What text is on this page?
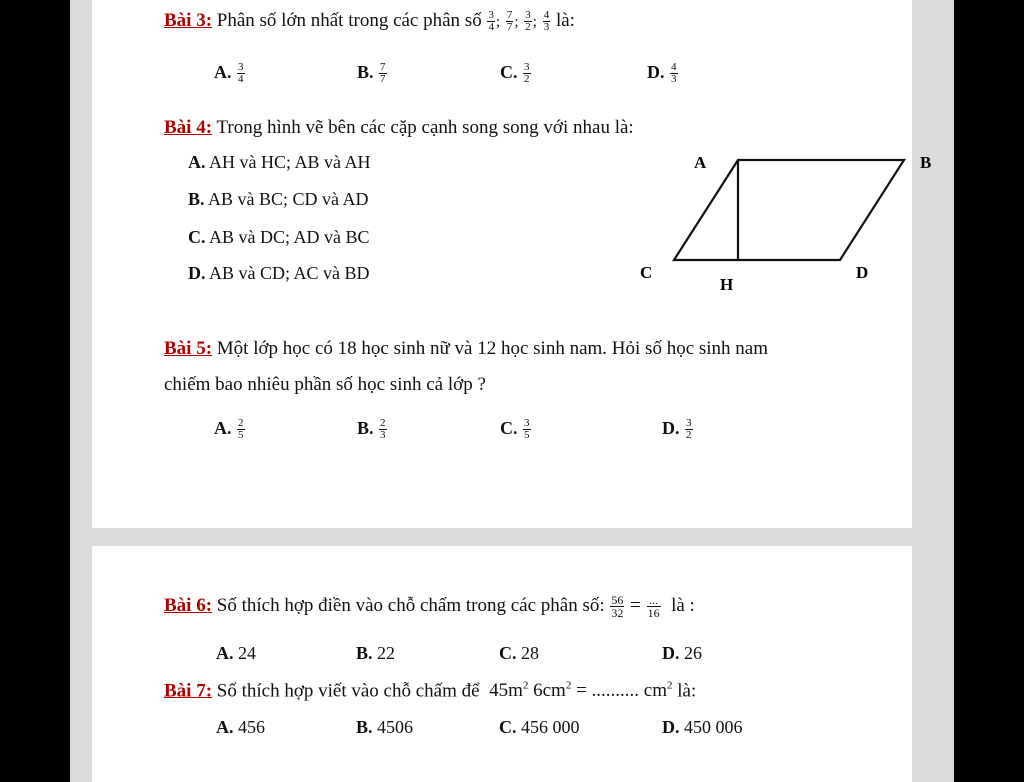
Bài 3: Phân số lớn nhất trong các phân số $\frac{3}{4}$ ; $\frac{7}{7}$ ; $\frac{3}{2}$ ; $\frac{4}{3}$ là:
A. $\frac{3}{4}$	B. $\frac{7}{7}$	C. $\frac{3}{2}$	D. $\frac{4}{3}$
Bài 4: Trong hình vẽ bên các cặp cạnh song song với nhau là:
A. AH và HC; AB và AH
B. AB và BC; CD và AD
C. AB và DC; AD và BC
D. AB và CD; AC và BD
A	B
C	D
H
Bài 5: Một lớp học có 18 học sinh nữ và 12 học sinh nam. Hỏi số học sinh nam
chiếm bao nhiêu phần số học sinh cả lớp ?
A. $\frac{2}{5}$	B. $\frac{2}{3}$	C. $\frac{3}{5}$	D. $\frac{3}{2}$
Bài 6: Số thích hợp điền vào chỗ chấm trong các phân số: $\frac{56}{32} = \frac{...}{16}$ là :
A. 24	B. 22	C. 28	D. 26
Bài 7: Số thích hợp viết vào chỗ chấm để $45m^2$ $6cm^2$ = .......... $cm^2$ là:
A. 456	B. 4506	C. 456 000	D. 450 006
